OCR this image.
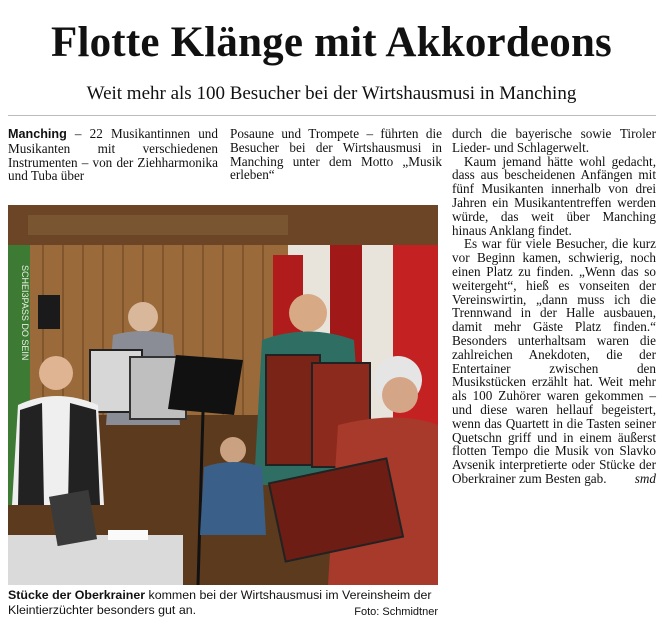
Flotte Klänge mit Akkordeons
Weit mehr als 100 Besucher bei der Wirtshausmusi in Manching

Manching – 22 Musikantinnen und Musikanten mit verschiedenen Instrumenten – von der Ziehharmonika und Tuba über

Posaune und Trompete – führten die Besucher bei der Wirtshausmusi in Manching unter dem Motto „Musik erleben“

durch die bayerische sowie Tiroler Lieder- und Schlagerwelt.

Kaum jemand hätte wohl gedacht, dass aus bescheidenen Anfängen mit fünf Musikanten innerhalb von drei Jahren ein Musikantentreffen werden würde, das weit über Manching hinaus Anklang findet.

Es war für viele Besucher, die kurz vor Beginn kamen, schwierig, noch einen Platz zu finden. „Wenn das so weitergeht“, hieß es vonseiten der Vereinswirtin, „dann muss ich die Trennwand in der Halle ausbauen, damit mehr Gäste Platz finden.“ Besonders unterhaltsam waren die zahlreichen Anekdoten, die der Entertainer zwischen den Musikstücken erzählt hat. Weit mehr als 100 Zuhörer waren gekommen – und diese waren hellauf begeistert, wenn das Quartett in die Tasten seiner Quetschn griff und in einem äußerst flotten Tempo die Musik von Slavko Avsenik interpretierte oder Stücke der Oberkrainer zum Besten gab.	smd

SCHEI3PASS DO SEIN
Stücke der Oberkrainer kommen bei der Wirtshausmusi im Vereinsheim der Kleintierzüchter besonders gut an.	Foto: Schmidtner
